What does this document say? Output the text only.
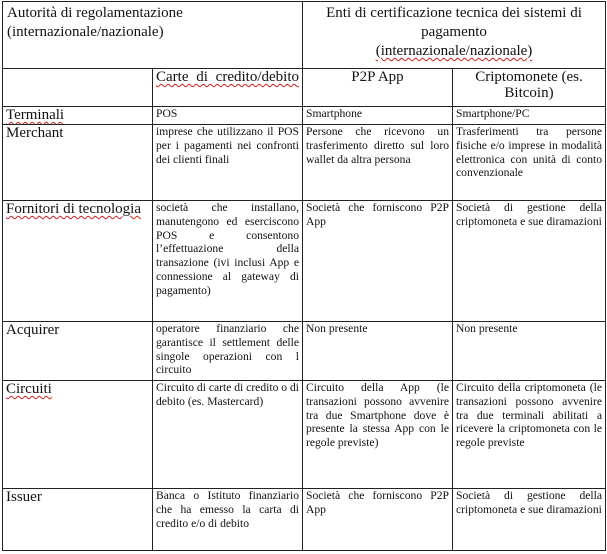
Autorità di regolamentazione
(internazionale/nazionale)		Enti di certificazione tecnica dei sistemi di
pagamento
(internazionale/nazionale)	
	Carte di credito/debito	P2P App	Criptomonete (es. Bitcoin)
Terminali	POS	Smartphone	Smartphone/PC
Merchant	imprese che utilizzano il POS per i pagamenti nei confronti dei clienti finali	Persone che ricevono un trasferimento diretto sul loro wallet da altra persona	Trasferimenti tra persone fisiche e/o imprese in modalità elettronica con unità di conto convenzionale
Fornitori di tecnologia	società che installano, manutengono ed eserciscono POS e consentono l’effettuazione della transazione (ivi inclusi App e connessione al gateway di pagamento)	Società che forniscono P2P App	Società di gestione della criptomoneta e sue diramazioni
Acquirer	operatore finanziario che garantisce il settlement delle singole operazioni con l circuito	Non presente	Non presente
Circuiti	Circuito di carte di credito o di debito (es. Mastercard)	Circuito della App (le transazioni possono avvenire tra due Smartphone dove è presente la stessa App con le regole previste)	Circuito della criptomoneta (le transazioni possono avvenire tra due terminali abilitati a ricevere la criptomoneta con le regole previste
Issuer	Banca o Istituto finanziario che ha emesso la carta di credito e/o di debito	Società che forniscono P2P App	Società di gestione della criptomoneta e sue diramazioni
